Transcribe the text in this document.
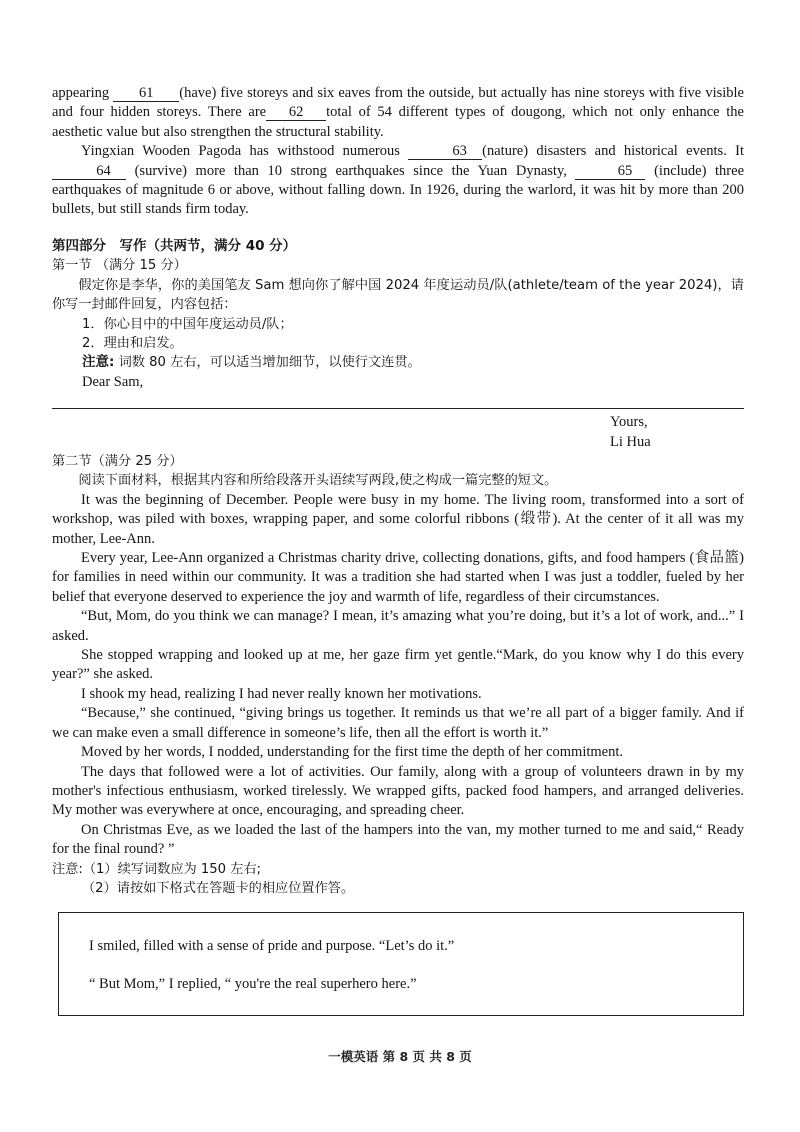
appearing 61 (have) five storeys and six eaves from the outside, but actually has nine storeys with five visible and four hidden storeys. There are 62 total of 54 different types of dougong, which not only enhance the aesthetic value but also strengthen the structural stability.

Yingxian Wooden Pagoda has withstood numerous	63 (nature) disasters and historical events. It 64 (survive) more than 10 strong earthquakes since the Yuan Dynasty,	65 (include) three earthquakes of magnitude 6 or above, without falling down. In 1926, during the warlord, it was hit by more than 200 bullets, but still stands firm today.

第四部分　写作（共两节，满分 40 分）

第一节 （满分 15 分）

假定你是李华，你的美国笔友 Sam 想向你了解中国 2024 年度运动员/队(athlete/team of the year 2024)，请你写一封邮件回复，内容包括：

1．你心目中的中国年度运动员/队；

2．理由和启发。

注意: 词数 80 左右，可以适当增加细节，以使行文连贯。

Dear Sam,

Yours,
Li Hua

第二节（满分 25 分）

阅读下面材料，根据其内容和所给段落开头语续写两段,使之构成一篇完整的短文。

It was the beginning of December. People were busy in my home. The living room, transformed into a sort of workshop, was piled with boxes, wrapping paper, and some colorful ribbons (缎带). At the center of it all was my mother, Lee-Ann.

Every year, Lee-Ann organized a Christmas charity drive, collecting donations, gifts, and food hampers (食品篮) for families in need within our community. It was a tradition she had started when I was just a toddler, fueled by her belief that everyone deserved to experience the joy and warmth of life, regardless of their circumstances.

“But, Mom, do you think we can manage? I mean, it’s amazing what you’re doing, but it’s a lot of work, and...” I asked.

She stopped wrapping and looked up at me, her gaze firm yet gentle.“Mark, do you know why I do this every year?” she asked.

I shook my head, realizing I had never really known her motivations.

“Because,” she continued, “giving brings us together. It reminds us that we’re all part of a bigger family. And if we can make even a small difference in someone’s life, then all the effort is worth it.”

Moved by her words, I nodded, understanding for the first time the depth of her commitment.

The days that followed were a lot of activities. Our family, along with a group of volunteers drawn in by my mother's infectious enthusiasm, worked tirelessly. We wrapped gifts, packed food hampers, and arranged deliveries. My mother was everywhere at once, encouraging, and spreading cheer.

On Christmas Eve, as we loaded the last of the hampers into the van, my mother turned to me and said,“ Ready for the final round? ”

注意:（1）续写词数应为 150 左右;

（2）请按如下格式在答题卡的相应位置作答。

I smiled, filled with a sense of pride and purpose. “Let’s do it.”
“ But Mom,” I replied, “ you're the real superhero here.”
一模英语 第 8 页 共 8 页
